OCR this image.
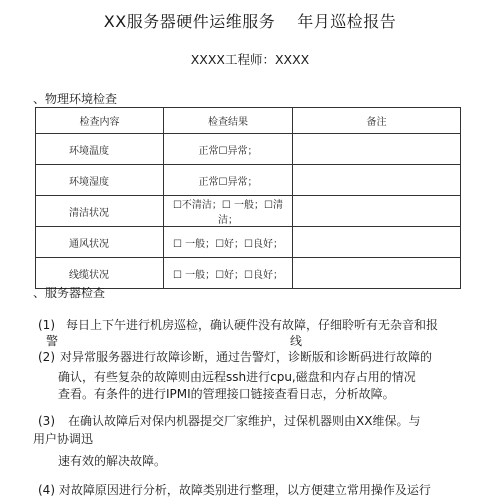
XX服务器硬件运维服务 年月巡检报告
XXXX工程师：XXXX
、物理环境检查
检查内容	检查结果	备注
环境温度	正常☐异常；	
环境湿度	正常☐异常；	
清洁状况	☐不清洁；☐ 一般；☐清洁；	
通风状况	☐ 一般；☐好；☐良好；	
线缆状况	☐ 一般；☐好；☐良好；	
、服务器检查
(1) 每日上下午进行机房巡检，确认硬件没有故障，仔细聆听有无杂音和报
警	线
(2) 对异常服务器进行故障诊断，通过告警灯，诊断版和诊断码进行故障的
确认，有些复杂的故障则由远程ssh进行cpu,磁盘和内存占用的情况
查看。有条件的进行IPMI的管理接口链接查看日志，分析故障。
(3) 在确认故障后对保内机器提交厂家维护，过保机器则由XX维保。与
用户协调迅
速有效的解决故障。
(4) 对故障原因进行分析，故障类别进行整理，以方便建立常用操作及运行
